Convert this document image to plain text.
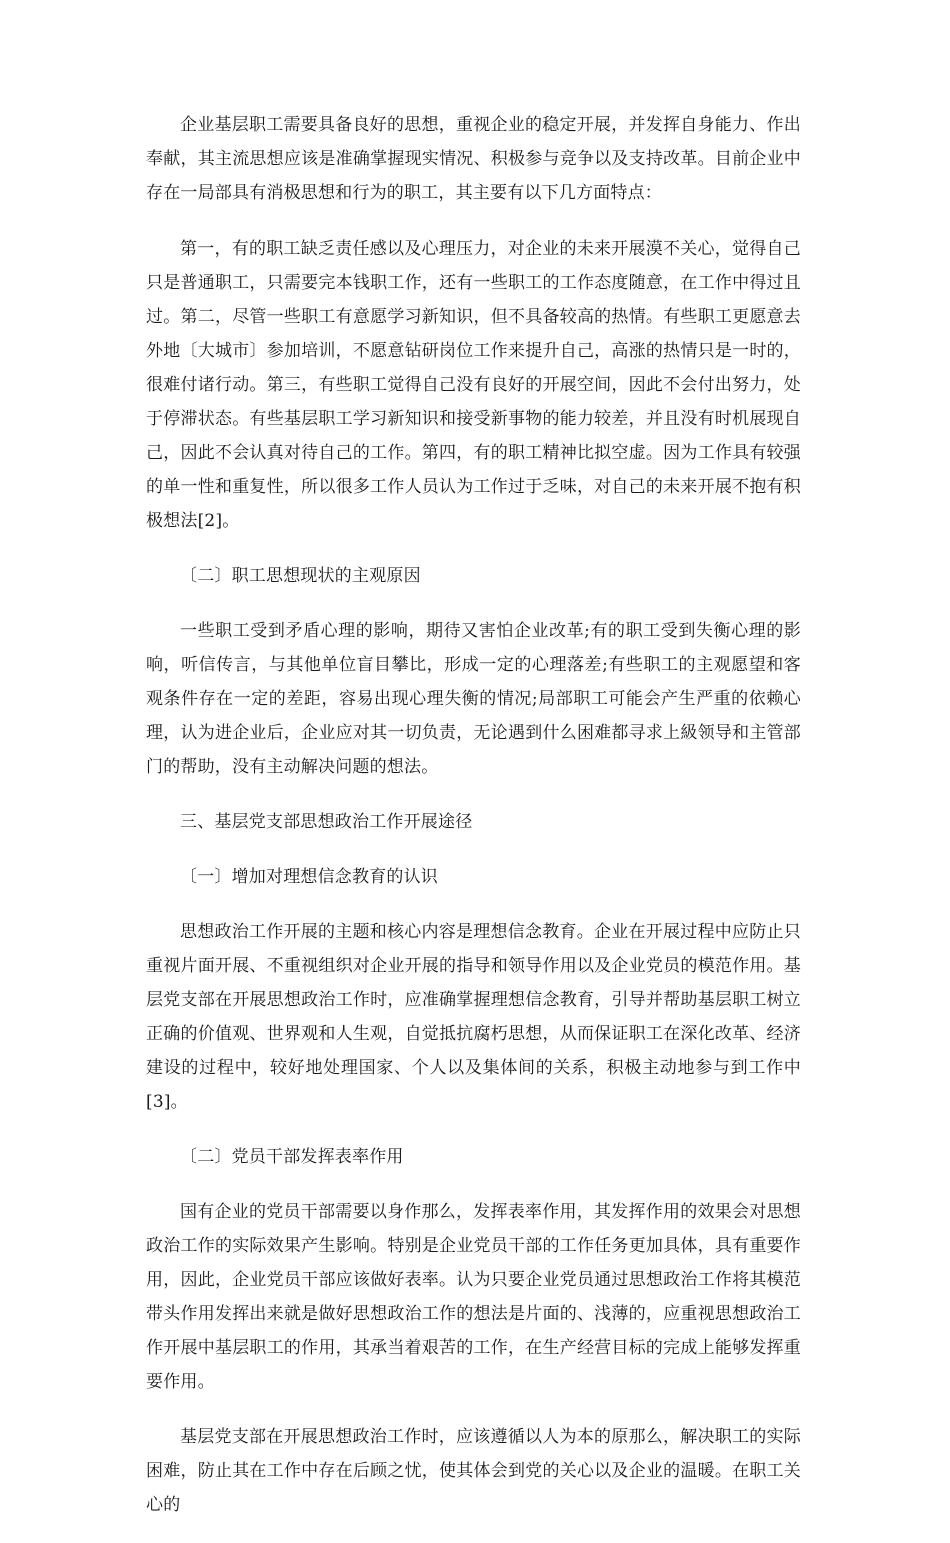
企业基层职工需要具备良好的思想，重视企业的稳定开展，并发挥自身能力、作出奉献，其主流思想应该是准确掌握现实情况、积极参与竞争以及支持改革。目前企业中存在一局部具有消极思想和行为的职工，其主要有以下几方面特点：

第一，有的职工缺乏责任感以及心理压力，对企业的未来开展漠不关心，觉得自己只是普通职工，只需要完本钱职工作，还有一些职工的工作态度随意，在工作中得过且过。第二，尽管一些职工有意愿学习新知识，但不具备较高的热情。有些职工更愿意去外地〔大城市〕参加培训，不愿意钻研岗位工作来提升自己，高涨的热情只是一时的，很难付诸行动。第三，有些职工觉得自己没有良好的开展空间，因此不会付出努力，处于停滞状态。有些基层职工学习新知识和接受新事物的能力较差，并且没有时机展现自己，因此不会认真对待自己的工作。第四，有的职工精神比拟空虚。因为工作具有较强的单一性和重复性，所以很多工作人员认为工作过于乏味，对自己的未来开展不抱有积极想法[2]。

〔二〕职工思想现状的主观原因

一些职工受到矛盾心理的影响，期待又害怕企业改革;有的职工受到失衡心理的影响，听信传言，与其他单位盲目攀比，形成一定的心理落差;有些职工的主观愿望和客观条件存在一定的差距，容易出现心理失衡的情况;局部职工可能会产生严重的依赖心理，认为进企业后，企业应对其一切负责，无论遇到什么困难都寻求上級领导和主管部门的帮助，没有主动解决问题的想法。

三、基层党支部思想政治工作开展途径

〔一〕增加对理想信念教育的认识

思想政治工作开展的主题和核心内容是理想信念教育。企业在开展过程中应防止只重视片面开展、不重视组织对企业开展的指导和领导作用以及企业党员的模范作用。基层党支部在开展思想政治工作时，应准确掌握理想信念教育，引导并帮助基层职工树立正确的价值观、世界观和人生观，自觉抵抗腐朽思想，从而保证职工在深化改革、经济建设的过程中，较好地处理国家、个人以及集体间的关系，积极主动地参与到工作中[3]。

〔二〕党员干部发挥表率作用

国有企业的党员干部需要以身作那么，发挥表率作用，其发挥作用的效果会对思想政治工作的实际效果产生影响。特别是企业党员干部的工作任务更加具体，具有重要作用，因此，企业党员干部应该做好表率。认为只要企业党员通过思想政治工作将其模范带头作用发挥出来就是做好思想政治工作的想法是片面的、浅薄的，应重视思想政治工作开展中基层职工的作用，其承当着艰苦的工作，在生产经营目标的完成上能够发挥重要作用。

基层党支部在开展思想政治工作时，应该遵循以人为本的原那么，解决职工的实际困难，防止其在工作中存在后顾之忧，使其体会到党的关心以及企业的温暖。在职工关心的
